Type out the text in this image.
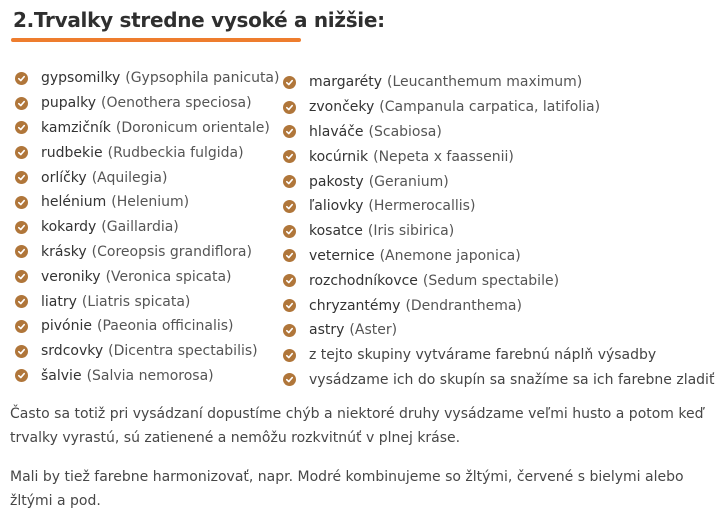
2.Trvalky stredne vysoké a nižšie:
gypsomilky (Gypsophila panicuta)
pupalky (Oenothera speciosa)
kamzičník (Doronicum orientale)
rudbekie (Rudbeckia fulgida)
orlíčky (Aquilegia)
helénium (Helenium)
kokardy (Gaillardia)
krásky (Coreopsis grandiflora)
veroniky (Veronica spicata)
liatry (Liatris spicata)
pivónie (Paeonia officinalis)
srdcovky (Dicentra spectabilis)
šalvie (Salvia nemorosa)
margaréty (Leucanthemum maximum)
zvončeky (Campanula carpatica, latifolia)
hlaváče (Scabiosa)
kocúrnik (Nepeta x faassenii)
pakosty (Geranium)
ľaliovky (Hermerocallis)
kosatce (Iris sibirica)
veternice (Anemone japonica)
rozchodníkovce (Sedum spectabile)
chryzantémy (Dendranthema)
astry (Aster)
z tejto skupiny vytvárame farebnú náplň výsadby
vysádzame ich do skupín sa snažíme sa ich farebne zladiť

Často sa totiž pri vysádzaní dopustíme chýb a niektoré druhy vysádzame veľmi husto a potom keď trvalky vyrastú, sú zatienené a nemôžu rozkvitnúť v plnej kráse.

Mali by tiež farebne harmonizovať, napr. Modré kombinujeme so žltými, červené s bielymi alebo žltými a pod.
